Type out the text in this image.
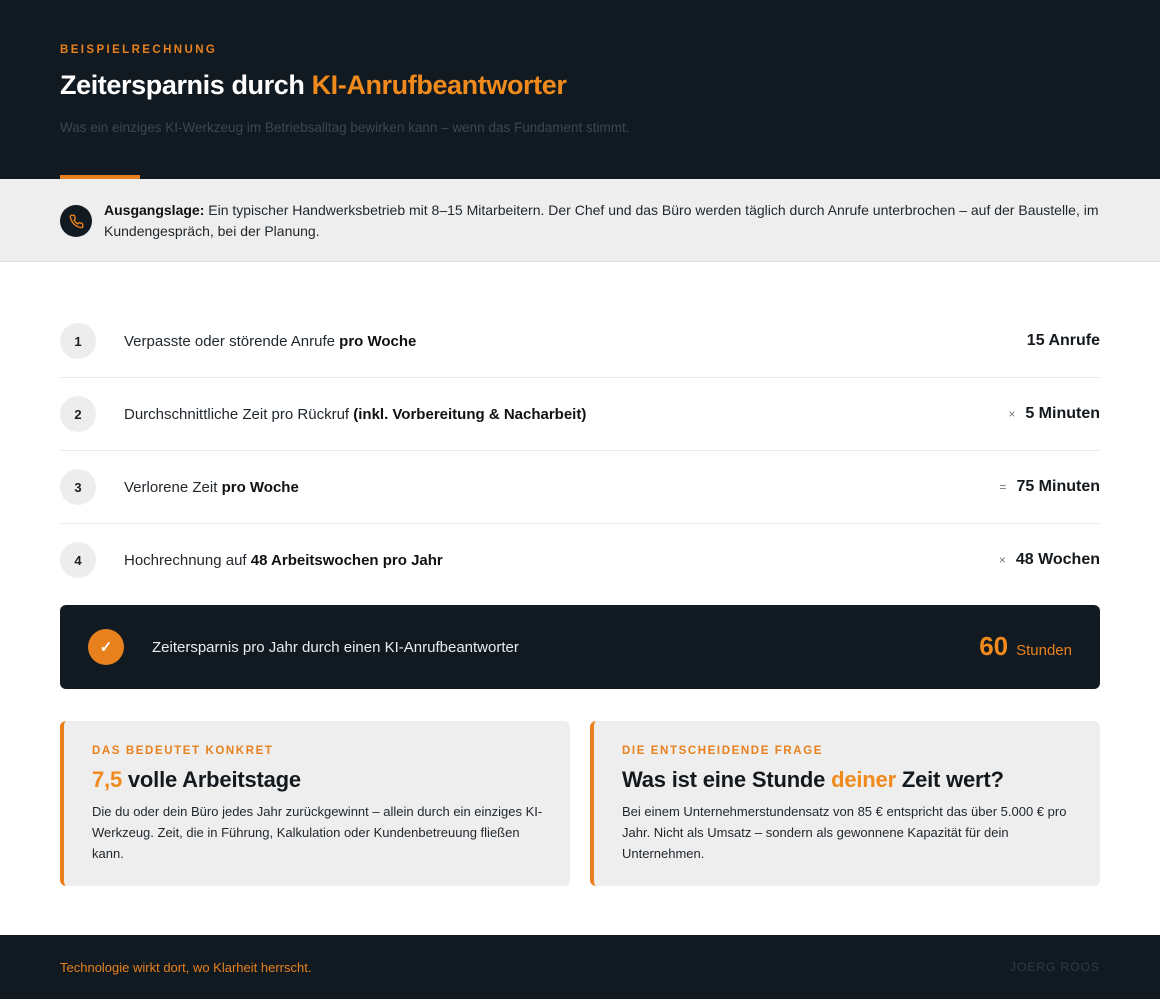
BEISPIELRECHNUNG
Zeitersparnis durch KI-Anrufbeantworter

Was ein einziges KI-Werkzeug im Betriebsalltag bewirken kann – wenn das Fundament stimmt.

Ausgangslage: Ein typischer Handwerksbetrieb mit 8–15 Mitarbeitern. Der Chef und das Büro werden täglich durch Anrufe unterbrochen – auf der Baustelle, im Kundengespräch, bei der Planung.

1	Verpasste oder störende Anrufe pro Woche	15 Anrufe
2	Durchschnittliche Zeit pro Rückruf (inkl. Vorbereitung & Nacharbeit)	× 5 Minuten
3	Verlorene Zeit pro Woche	= 75 Minuten
4	Hochrechnung auf 48 Arbeitswochen pro Jahr	× 48 Wochen
✓	Zeitersparnis pro Jahr durch einen KI-Anrufbeantworter	60 Stunden
DAS BEDEUTET KONKRET
7,5 volle Arbeitstage

Die du oder dein Büro jedes Jahr zurückgewinnt – allein durch ein einziges KI-Werkzeug. Zeit, die in Führung, Kalkulation oder Kundenbetreuung fließen kann.

DIE ENTSCHEIDENDE FRAGE
Was ist eine Stunde deiner Zeit wert?

Bei einem Unternehmerstundensatz von 85 € entspricht das über 5.000 € pro Jahr. Nicht als Umsatz – sondern als gewonnene Kapazität für dein Unternehmen.

Technologie wirkt dort, wo Klarheit herrscht.	JOERG ROOS
